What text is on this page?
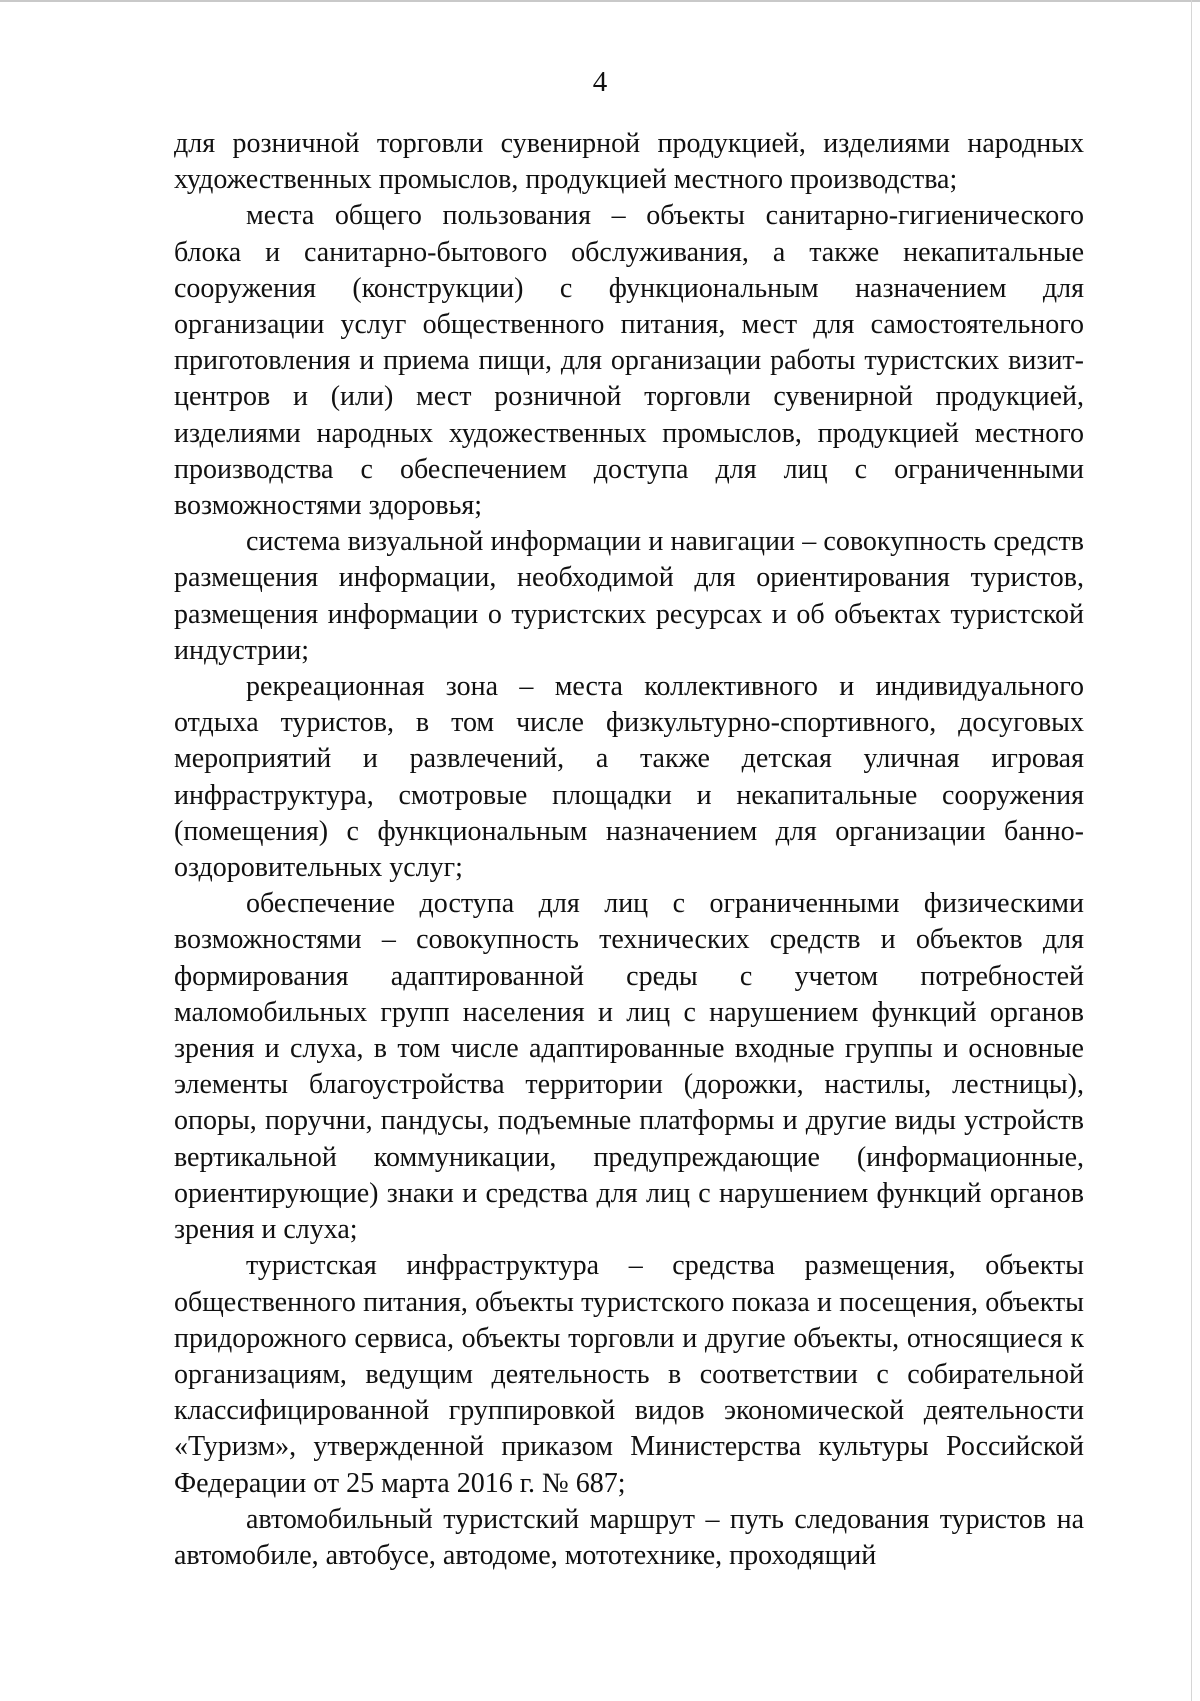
4

для розничной торговли сувенирной продукцией, изделиями народных художественных промыслов, продукцией местного производства;

места общего пользования – объекты санитарно-гигиенического блока и санитарно-бытового обслуживания, а также некапитальные сооружения (конструкции) с функциональным назначением для организации услуг общественного питания, мест для самостоятельного приготовления и приема пищи, для организации работы туристских визит-центров и (или) мест розничной торговли сувенирной продукцией, изделиями народных художественных промыслов, продукцией местного производства с обеспечением доступа для лиц с ограниченными возможностями здоровья;

система визуальной информации и навигации – совокупность средств размещения информации, необходимой для ориентирования туристов, размещения информации о туристских ресурсах и об объектах туристской индустрии;

рекреационная зона – места коллективного и индивидуального отдыха туристов, в том числе физкультурно-спортивного, досуговых мероприятий и развлечений, а также детская уличная игровая инфраструктура, смотровые площадки и некапитальные сооружения (помещения) с функциональным назначением для организации банно-оздоровительных услуг;

обеспечение доступа для лиц с ограниченными физическими возможностями – совокупность технических средств и объектов для формирования адаптированной среды с учетом потребностей маломобильных групп населения и лиц с нарушением функций органов зрения и слуха, в том числе адаптированные входные группы и основные элементы благоустройства территории (дорожки, настилы, лестницы), опоры, поручни, пандусы, подъемные платформы и другие виды устройств вертикальной коммуникации, предупреждающие (информационные, ориентирующие) знаки и средства для лиц с нарушением функций органов зрения и слуха;

туристская инфраструктура – средства размещения, объекты общественного питания, объекты туристского показа и посещения, объекты придорожного сервиса, объекты торговли и другие объекты, относящиеся к организациям, ведущим деятельность в соответствии с собирательной классифицированной группировкой видов экономической деятельности «Туризм», утвержденной приказом Министерства культуры Российской Федерации от 25 марта 2016 г. № 687;

автомобильный туристский маршрут – путь следования туристов на автомобиле, автобусе, автодоме, мототехнике, проходящий
